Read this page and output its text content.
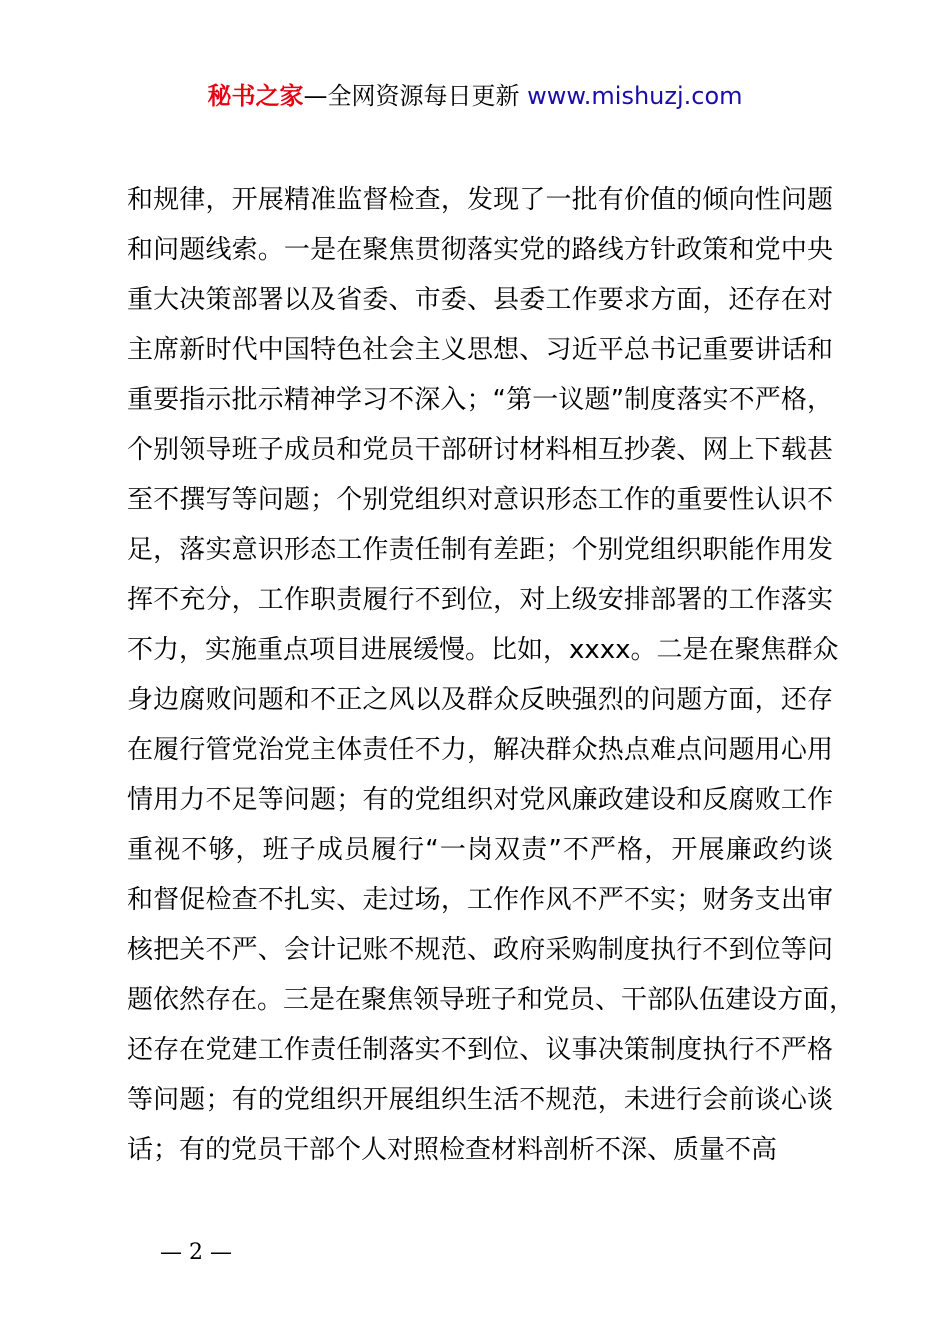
秘书之家—全网资源每日更新 www.mishuzj.com
和规律，开展精准监督检查，发现了一批有价值的倾向性问题
和问题线索。一是在聚焦贯彻落实党的路线方针政策和党中央
重大决策部署以及省委、市委、县委工作要求方面，还存在对
主席新时代中国特色社会主义思想、习近平总书记重要讲话和
重要指示批示精神学习不深入；“第一议题”制度落实不严格，
个别领导班子成员和党员干部研讨材料相互抄袭、网上下载甚
至不撰写等问题；个别党组织对意识形态工作的重要性认识不
足，落实意识形态工作责任制有差距；个别党组织职能作用发
挥不充分，工作职责履行不到位，对上级安排部署的工作落实
不力，实施重点项目进展缓慢。比如，xxxx。二是在聚焦群众
身边腐败问题和不正之风以及群众反映强烈的问题方面，还存
在履行管党治党主体责任不力，解决群众热点难点问题用心用
情用力不足等问题；有的党组织对党风廉政建设和反腐败工作
重视不够，班子成员履行“一岗双责”不严格，开展廉政约谈
和督促检查不扎实、走过场，工作作风不严不实；财务支出审
核把关不严、会计记账不规范、政府采购制度执行不到位等问
题依然存在。三是在聚焦领导班子和党员、干部队伍建设方面，
还存在党建工作责任制落实不到位、议事决策制度执行不严格
等问题；有的党组织开展组织生活不规范，未进行会前谈心谈
话；有的党员干部个人对照检查材料剖析不深、质量不高
— 2 —
